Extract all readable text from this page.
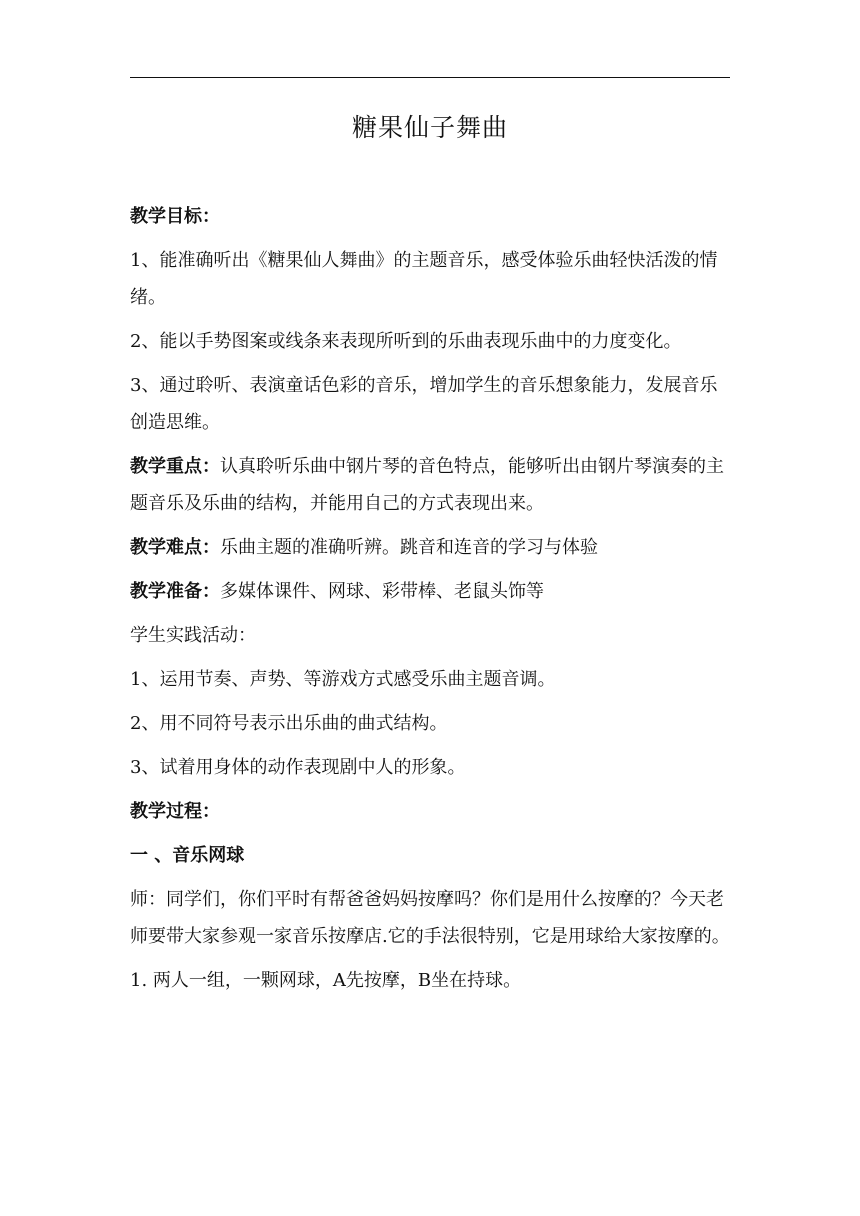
糖果仙子舞曲

教学目标：

1、能准确听出《糖果仙人舞曲》的主题音乐，感受体验乐曲轻快活泼的情绪。

2、能以手势图案或线条来表现所听到的乐曲表现乐曲中的力度变化。

3、通过聆听、表演童话色彩的音乐，增加学生的音乐想象能力，发展音乐创造思维。

教学重点：认真聆听乐曲中钢片琴的音色特点，能够听出由钢片琴演奏的主题音乐及乐曲的结构，并能用自己的方式表现出来。

教学难点：乐曲主题的准确听辨。跳音和连音的学习与体验

教学准备：多媒体课件、网球、彩带棒、老鼠头饰等

学生实践活动：

1、运用节奏、声势、等游戏方式感受乐曲主题音调。

2、用不同符号表示出乐曲的曲式结构。

3、试着用身体的动作表现剧中人的形象。

教学过程：

一 、音乐网球

师：同学们，你们平时有帮爸爸妈妈按摩吗？你们是用什么按摩的？今天老师要带大家参观一家音乐按摩店.它的手法很特别，它是用球给大家按摩的。

1. 两人一组，一颗网球，A先按摩，B坐在持球。
